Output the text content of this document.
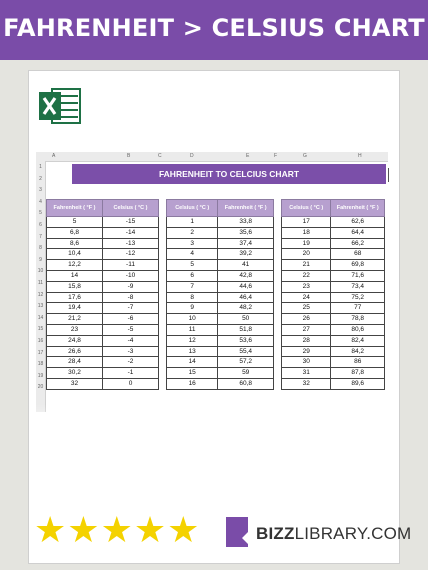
FAHRENHEIT > CELSIUS CHART
A	B	C	D	E	F	G	H
1
2
3
4
5
6
7
8
9
10
11
12
13
14
15
16
17
18
19
20
FAHRENHEIT TO CELCIUS CHART
Fahrenheit ( °F )	Celsius ( °C )
5	-15
6,8	-14
8,6	-13
10,4	-12
12,2	-11
14	-10
15,8	-9
17,6	-8
19,4	-7
21,2	-6
23	-5
24,8	-4
26,6	-3
28,4	-2
30,2	-1
32	0
Celsius ( °C )	Fahrenheit ( °F )
1	33,8
2	35,6
3	37,4
4	39,2
5	41
6	42,8
7	44,6
8	46,4
9	48,2
10	50
11	51,8
12	53,6
13	55,4
14	57,2
15	59
16	60,8
Celsius ( °C )	Fahrenheit ( °F )
17	62,6
18	64,4
19	66,2
20	68
21	69,8
22	71,6
23	73,4
24	75,2
25	77
26	78,8
27	80,6
28	82,4
29	84,2
30	86
31	87,8
32	89,6

★★★★★	BIZZLIBRARY.COM
